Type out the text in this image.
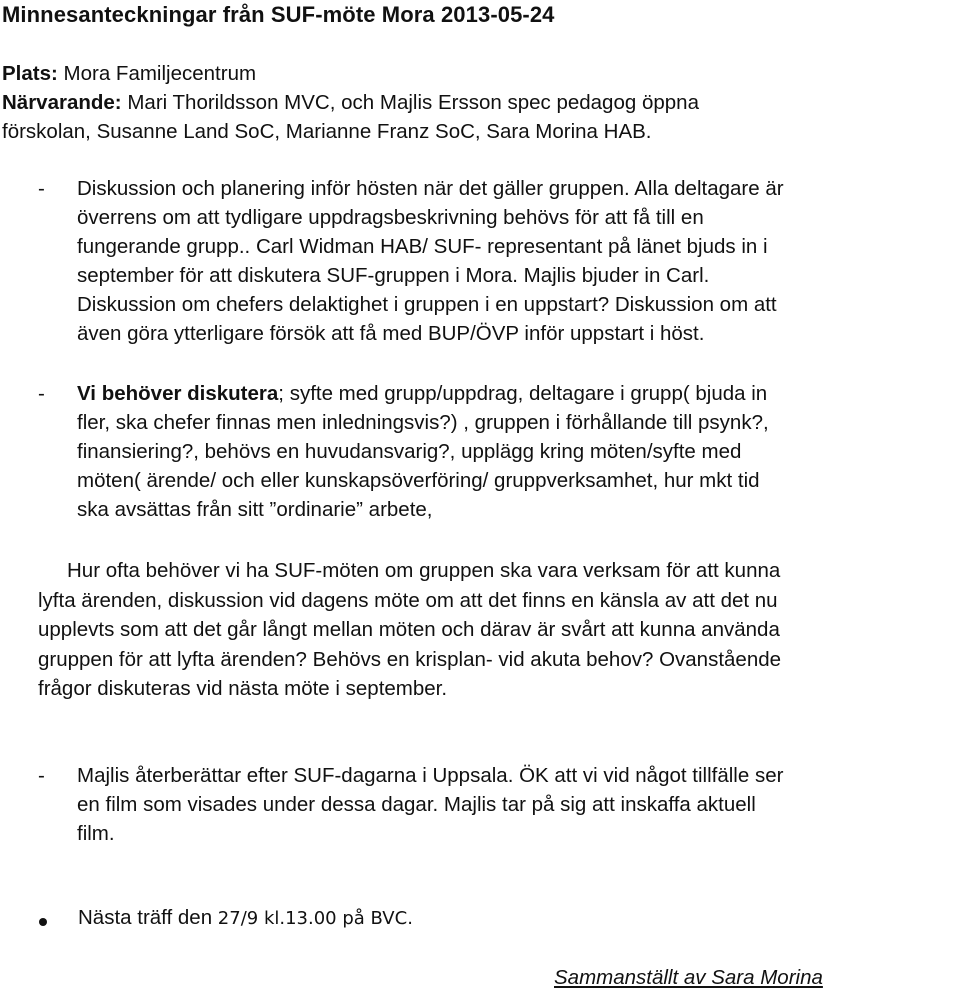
Minnesanteckningar från SUF-möte Mora 2013-05-24
Plats: Mora Familjecentrum
Närvarande: Mari Thorildsson MVC, och Majlis Ersson spec pedagog öppna
förskolan, Susanne Land SoC, Marianne Franz SoC, Sara Morina HAB.
- Diskussion och planering inför hösten när det gäller gruppen. Alla deltagare är
överrens om att tydligare uppdragsbeskrivning behövs för att få till en
fungerande grupp.. Carl Widman HAB/ SUF- representant på länet bjuds in i
september för att diskutera SUF-gruppen i Mora. Majlis bjuder in Carl.
Diskussion om chefers delaktighet i gruppen i en uppstart? Diskussion om att
även göra ytterligare försök att få med BUP/ÖVP inför uppstart i höst.
- Vi behöver diskutera; syfte med grupp/uppdrag, deltagare i grupp( bjuda in
fler, ska chefer finnas men inledningsvis?) , gruppen i förhållande till psynk?,
finansiering?, behövs en huvudansvarig?, upplägg kring möten/syfte med
möten( ärende/ och eller kunskapsöverföring/ gruppverksamhet, hur mkt tid
ska avsättas från sitt ”ordinarie” arbete,
Hur ofta behöver vi ha SUF-möten om gruppen ska vara verksam för att kunna
lyfta ärenden, diskussion vid dagens möte om att det finns en känsla av att det nu
upplevts som att det går långt mellan möten och därav är svårt att kunna använda
gruppen för att lyfta ärenden? Behövs en krisplan- vid akuta behov? Ovanstående
frågor diskuteras vid nästa möte i september.
- Majlis återberättar efter SUF-dagarna i Uppsala. ÖK att vi vid något tillfälle ser
en film som visades under dessa dagar. Majlis tar på sig att inskaffa aktuell
film.
Nästa träff den 27/9 kl.13.00 på BVC.
Sammanställt av Sara Morina
